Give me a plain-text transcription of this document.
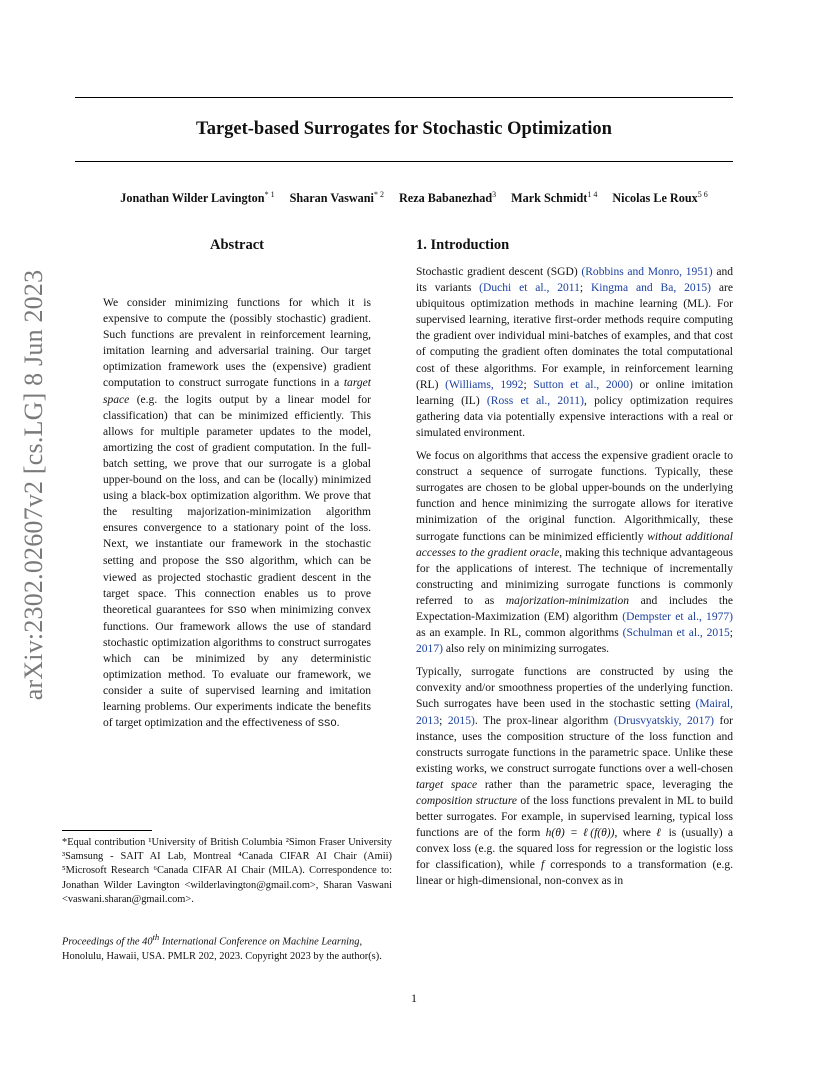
arXiv:2302.02607v2 [cs.LG] 8 Jun 2023
Target-based Surrogates for Stochastic Optimization
Jonathan Wilder Lavington$^{* 1}$ Sharan Vaswani$^{* 2}$ Reza Babanezhad$^3$ Mark Schmidt$^{1 4}$ Nicolas Le Roux$^{5 6}$
Abstract

We consider minimizing functions for which it is expensive to compute the (possibly stochastic) gradient. Such functions are prevalent in reinforcement learning, imitation learning and adversarial training. Our target optimization framework uses the (expensive) gradient computation to construct surrogate functions in a target space (e.g. the logits output by a linear model for classification) that can be minimized efficiently. This allows for multiple parameter updates to the model, amortizing the cost of gradient computation. In the full-batch setting, we prove that our surrogate is a global upper-bound on the loss, and can be (locally) minimized using a black-box optimization algorithm. We prove that the resulting majorization-minimization algorithm ensures convergence to a stationary point of the loss. Next, we instantiate our framework in the stochastic setting and propose the SSO algorithm, which can be viewed as projected stochastic gradient descent in the target space. This connection enables us to prove theoretical guarantees for SSO when minimizing convex functions. Our framework allows the use of standard stochastic optimization algorithms to construct surrogates which can be minimized by any deterministic optimization method. To evaluate our framework, we consider a suite of supervised learning and imitation learning problems. Our experiments indicate the benefits of target optimization and the effectiveness of SSO.

1. Introduction

Stochastic gradient descent (SGD) (Robbins and Monro, 1951) and its variants (Duchi et al., 2011; Kingma and Ba, 2015) are ubiquitous optimization methods in machine learning (ML). For supervised learning, iterative first-order methods require computing the gradient over individual mini-batches of examples, and that cost of computing the gradient often dominates the total computational cost of these algorithms. For example, in reinforcement learning (RL) (Williams, 1992; Sutton et al., 2000) or online imitation learning (IL) (Ross et al., 2011), policy optimization requires gathering data via potentially expensive interactions with a real or simulated environment.

We focus on algorithms that access the expensive gradient oracle to construct a sequence of surrogate functions. Typically, these surrogates are chosen to be global upper-bounds on the underlying function and hence minimizing the surrogate allows for iterative minimization of the original function. Algorithmically, these surrogate functions can be minimized efficiently without additional accesses to the gradient oracle, making this technique advantageous for the applications of interest. The technique of incrementally constructing and minimizing surrogate functions is commonly referred to as majorization-minimization and includes the Expectation-Maximization (EM) algorithm (Dempster et al., 1977) as an example. In RL, common algorithms (Schulman et al., 2015; 2017) also rely on minimizing surrogates.

Typically, surrogate functions are constructed by using the convexity and/or smoothness properties of the underlying function. Such surrogates have been used in the stochastic setting (Mairal, 2013; 2015). The prox-linear algorithm (Drusvyatskiy, 2017) for instance, uses the composition structure of the loss function and constructs surrogate functions in the parametric space. Unlike these existing works, we construct surrogate functions over a well-chosen target space rather than the parametric space, leveraging the composition structure of the loss functions prevalent in ML to build better surrogates. For example, in supervised learning, typical loss functions are of the form h(θ) = ℓ(f(θ)), where ℓ is (usually) a convex loss (e.g. the squared loss for regression or the logistic loss for classification), while f corresponds to a transformation (e.g. linear or high-dimensional, non-convex as in

*Equal contribution ¹University of British Columbia ²Simon Fraser University ³Samsung - SAIT AI Lab, Montreal ⁴Canada CIFAR AI Chair (Amii) ⁵Microsoft Research ⁶Canada CIFAR AI Chair (MILA). Correspondence to: Jonathan Wilder Lavington <wilderlavington@gmail.com>, Sharan Vaswani <vaswani.sharan@gmail.com>.
Proceedings of the 40th International Conference on Machine Learning, Honolulu, Hawaii, USA. PMLR 202, 2023. Copyright 2023 by the author(s).
1
